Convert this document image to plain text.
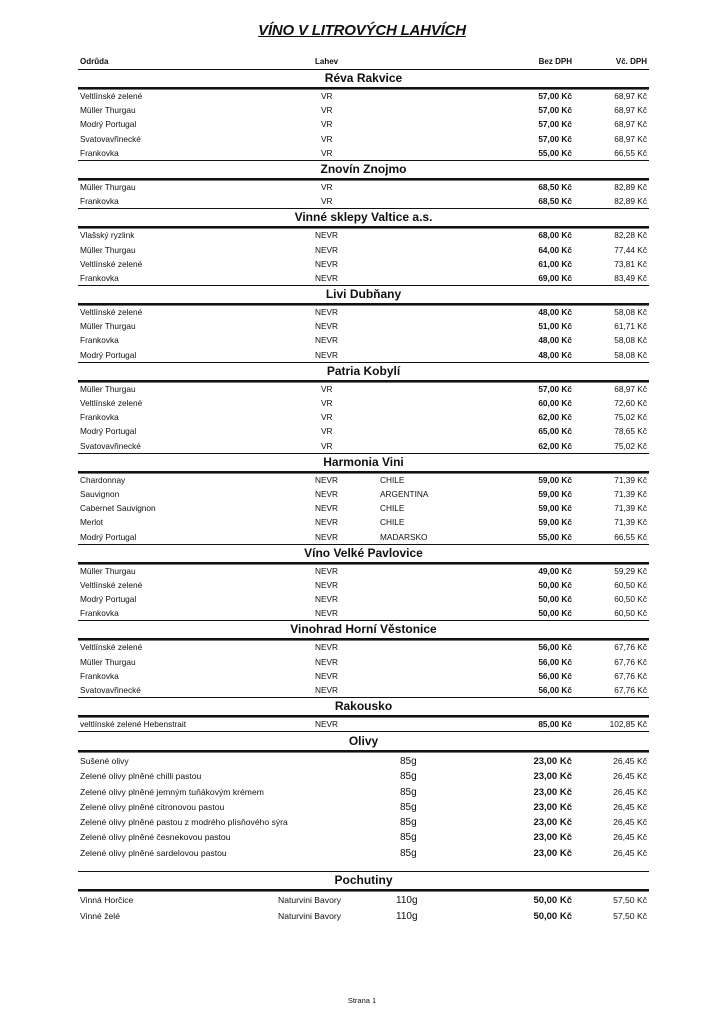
VÍNO V LITROVÝCH LAHVÍCH
Odrůda	Lahev	Bez DPH	Vč. DPH
Réva Rakvice
Veltlínské zelené	VR	57,00 Kč	68,97 Kč
Müller Thurgau	VR	57,00 Kč	68,97 Kč
Modrý Portugal	VR	57,00 Kč	68,97 Kč
Svatovavřinecké	VR	57,00 Kč	68,97 Kč
Frankovka	VR	55,00 Kč	66,55 Kč
Znovín Znojmo
Müller Thurgau	VR	68,50 Kč	82,89 Kč
Frankovka	VR	68,50 Kč	82,89 Kč
Vinné sklepy Valtice a.s.
Vlašský ryzlink	NEVR	68,00 Kč	82,28 Kč
Müller Thurgau	NEVR	64,00 Kč	77,44 Kč
Veltlínské zelené	NEVR	61,00 Kč	73,81 Kč
Frankovka	NEVR	69,00 Kč	83,49 Kč
Livi Dubňany
Veltlínské zelené	NEVR	48,00 Kč	58,08 Kč
Müller Thurgau	NEVR	51,00 Kč	61,71 Kč
Frankovka	NEVR	48,00 Kč	58,08 Kč
Modrý Portugal	NEVR	48,00 Kč	58,08 Kč
Patria Kobylí
Müller Thurgau	VR	57,00 Kč	68,97 Kč
Veltlínské zelené	VR	60,00 Kč	72,60 Kč
Frankovka	VR	62,00 Kč	75,02 Kč
Modrý Portugal	VR	65,00 Kč	78,65 Kč
Svatovavřinecké	VR	62,00 Kč	75,02 Kč
Harmonia Vini
Chardonnay	NEVR	CHILE	59,00 Kč	71,39 Kč
Sauvignon	NEVR	ARGENTINA	59,00 Kč	71,39 Kč
Cabernet Sauvignon	NEVR	CHILE	59,00 Kč	71,39 Kč
Merlot	NEVR	CHILE	59,00 Kč	71,39 Kč
Modrý Portugal	NEVR	MADARSKO	55,00 Kč	66,55 Kč
Víno Velké Pavlovice
Müller Thurgau	NEVR	49,00 Kč	59,29 Kč
Veltlínské zelené	NEVR	50,00 Kč	60,50 Kč
Modrý Portugal	NEVR	50,00 Kč	60,50 Kč
Frankovka	NEVR	50,00 Kč	60,50 Kč
Vinohrad Horní Věstonice
Veltlínské zelené	NEVR	56,00 Kč	67,76 Kč
Müller Thurgau	NEVR	56,00 Kč	67,76 Kč
Frankovka	NEVR	56,00 Kč	67,76 Kč
Svatovavřinecké	NEVR	56,00 Kč	67,76 Kč
Rakousko
veltlínské zelené Hebenstrait	NEVR	85,00 Kč	102,85 Kč
Olivy
Sušené olivy	85g	23,00 Kč	26,45 Kč
Zelené olivy plněné chilli pastou	85g	23,00 Kč	26,45 Kč
Zelené olivy plněné jemným tuňákovým krémem	85g	23,00 Kč	26,45 Kč
Zelené olivy plněné citronovou pastou	85g	23,00 Kč	26,45 Kč
Zelené olivy plněné pastou z modrého plísňového sýra	85g	23,00 Kč	26,45 Kč
Zelené olivy plněné česnekovou pastou	85g	23,00 Kč	26,45 Kč
Zelené olivy plněné sardelovou pastou	85g	23,00 Kč	26,45 Kč
Pochutiny
Vinná Horčice	Naturvini Bavory	110g	50,00 Kč	57,50 Kč
Vinné želé	Naturvini Bavory	110g	50,00 Kč	57,50 Kč
Strana 1
